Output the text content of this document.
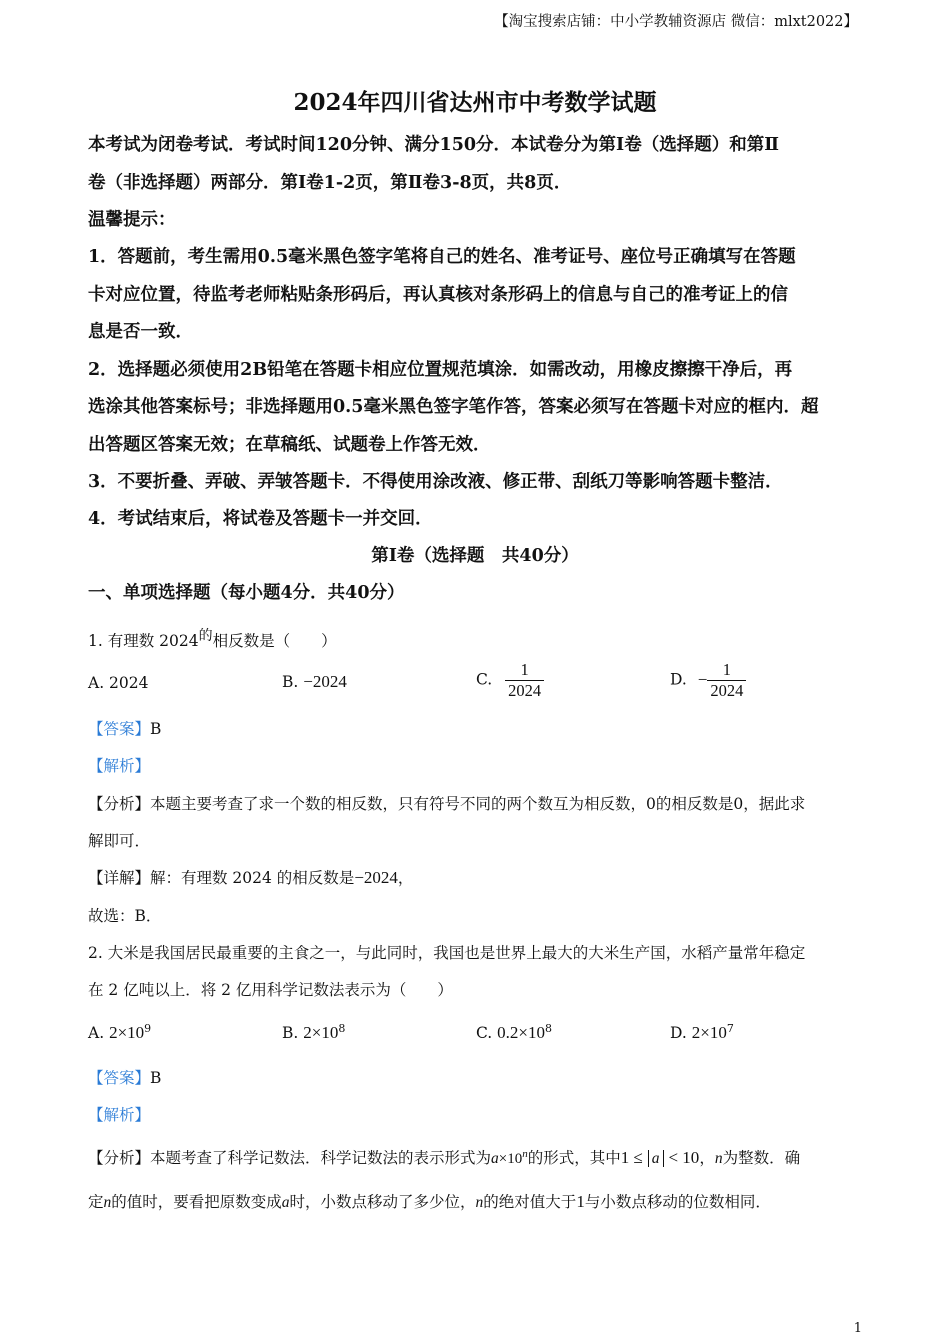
【淘宝搜索店铺：中小学教辅资源店 微信：mlxt2022】
2024年四川省达州市中考数学试题
本考试为闭卷考试．考试时间120分钟、满分150分．本试卷分为第Ⅰ卷（选择题）和第Ⅱ
卷（非选择题）两部分．第Ⅰ卷1-2页，第Ⅱ卷3-8页，共8页．
温馨提示：
1．答题前，考生需用0.5毫米黑色签字笔将自己的姓名、准考证号、座位号正确填写在答题
卡对应位置，待监考老师粘贴条形码后，再认真核对条形码上的信息与自己的准考证上的信
息是否一致．
2．选择题必须使用2B铅笔在答题卡相应位置规范填涂．如需改动，用橡皮擦擦干净后，再
选涂其他答案标号；非选择题用0.5毫米黑色签字笔作答，答案必须写在答题卡对应的框内．超
出答题区答案无效；在草稿纸、试题卷上作答无效．
3．不要折叠、弄破、弄皱答题卡．不得使用涂改液、修正带、刮纸刀等影响答题卡整洁．
4．考试结束后，将试卷及答题卡一并交回．
第Ⅰ卷（选择题　共40分）
一、单项选择题（每小题4分．共40分）
1. 有理数 $2024^的$相反数是（　　）
A. 2024	B. −2024	C. $\frac{1}{2024}$	D. − $\frac{1}{2024}$
【答案】B
【解析】
【分析】本题主要考查了求一个数的相反数，只有符号不同的两个数互为相反数，0的相反数是0，据此求
解即可．
【详解】解：有理数 2024 的相反数是−2024，
故选：B．
2. 大米是我国居民最重要的主食之一，与此同时，我国也是世界上最大的大米生产国，水稻产量常年稳定
在 2 亿吨以上．将 2 亿用科学记数法表示为（　　）
A. $2\times 10^9$	B. $2\times 10^8$	C. $0.2\times 10^8$	D. $2\times 10^7$
【答案】B
【解析】
【分析】本题考查了科学记数法．科学记数法的表示形式为$a\times 10^n$的形式，其中1 ≤ a < 10，n为整数．确
定n的值时，要看把原数变成a时，小数点移动了多少位，n的绝对值大于1与小数点移动的位数相同．
1
